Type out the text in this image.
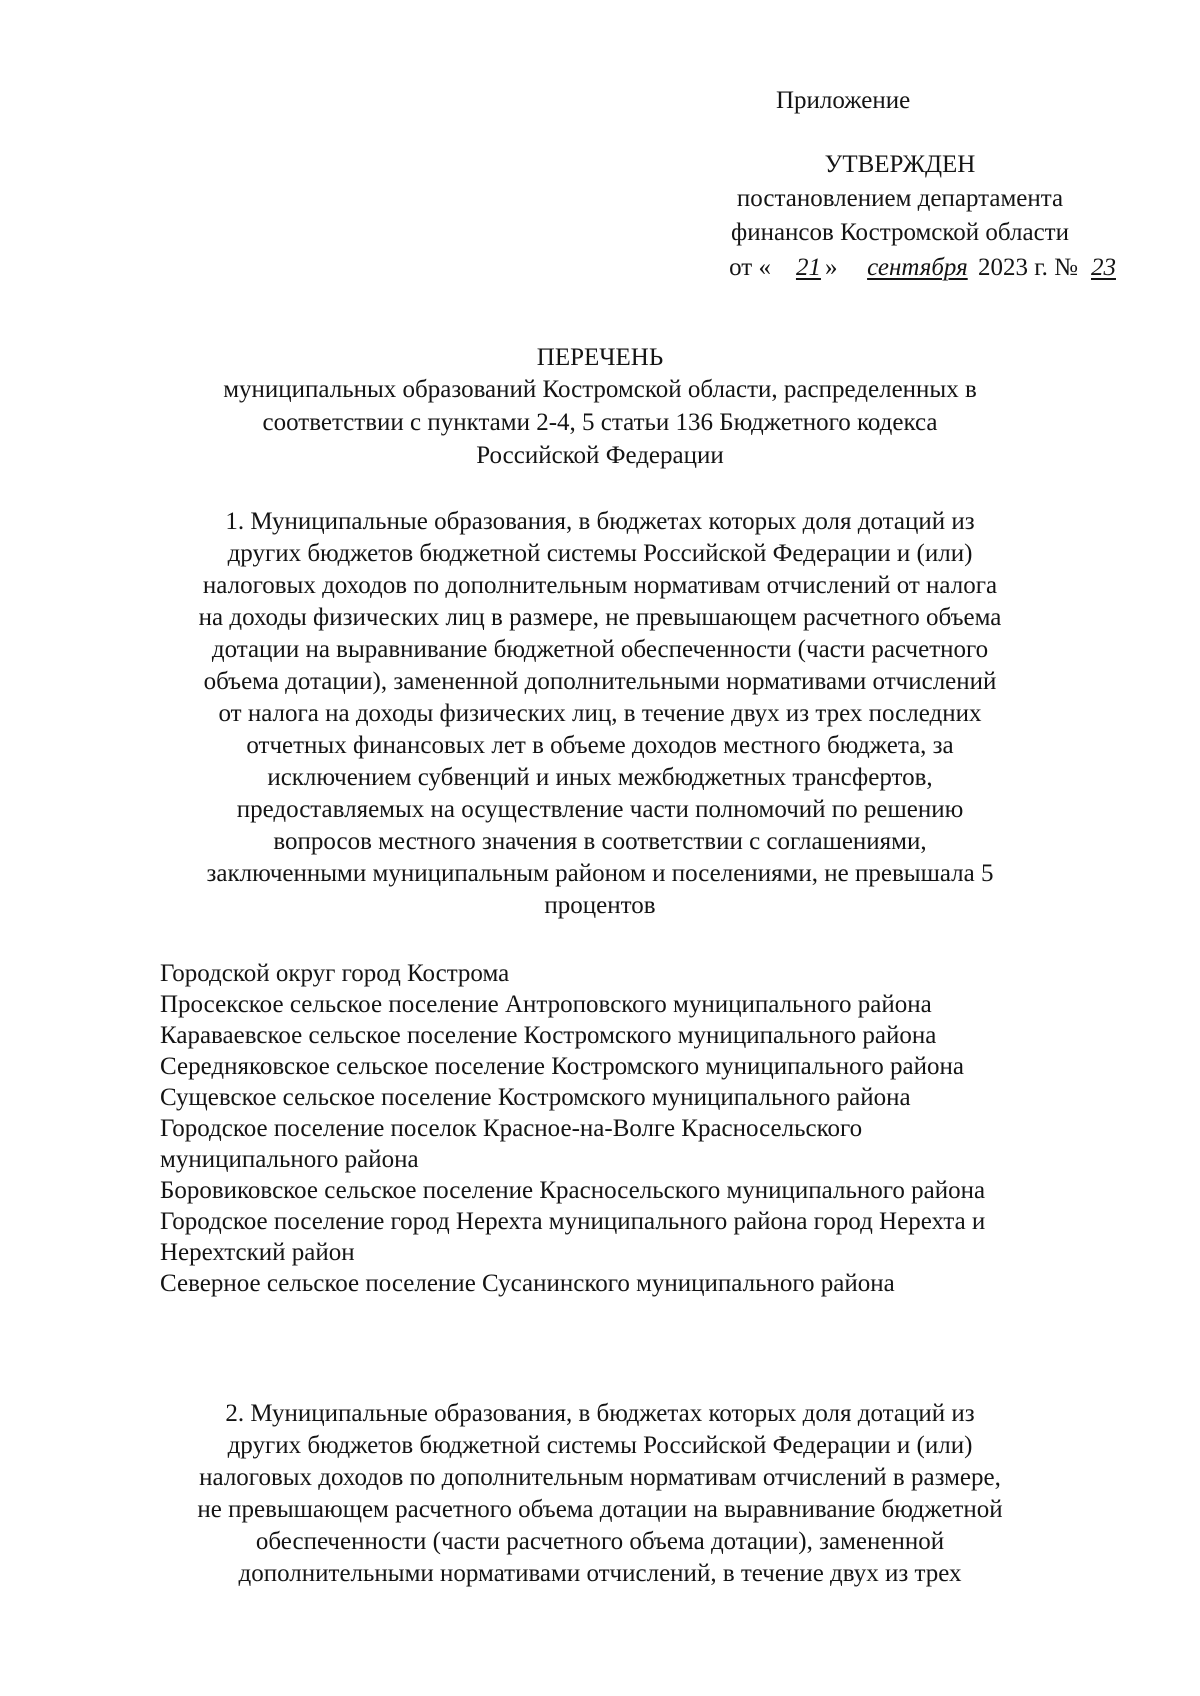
Приложение
УТВЕРЖДЕН
постановлением департамента
финансов Костромской области
от « 21 » сентября 2023 г. № 23
ПЕРЕЧЕНЬ
муниципальных образований Костромской области, распределенных в
соответствии с пунктами 2-4, 5 статьи 136 Бюджетного кодекса
Российской Федерации
1. Муниципальные образования, в бюджетах которых доля дотаций из
других бюджетов бюджетной системы Российской Федерации и (или)
налоговых доходов по дополнительным нормативам отчислений от налога
на доходы физических лиц в размере, не превышающем расчетного объема
дотации на выравнивание бюджетной обеспеченности (части расчетного
объема дотации), замененной дополнительными нормативами отчислений
от налога на доходы физических лиц, в течение двух из трех последних
отчетных финансовых лет в объеме доходов местного бюджета, за
исключением субвенций и иных межбюджетных трансфертов,
предоставляемых на осуществление части полномочий по решению
вопросов местного значения в соответствии с соглашениями,
заключенными муниципальным районом и поселениями, не превышала 5
процентов
Городской округ город Кострома
Просекское сельское поселение Антроповского муниципального района
Караваевское сельское поселение Костромского муниципального района
Середняковское сельское поселение Костромского муниципального района
Сущевское сельское поселение Костромского муниципального района
Городское поселение поселок Красное-на-Волге Красносельского муниципального района
Боровиковское сельское поселение Красносельского муниципального района
Городское поселение город Нерехта муниципального района город Нерехта и Нерехтский район
Северное сельское поселение Сусанинского муниципального района
2. Муниципальные образования, в бюджетах которых доля дотаций из
других бюджетов бюджетной системы Российской Федерации и (или)
налоговых доходов по дополнительным нормативам отчислений в размере,
не превышающем расчетного объема дотации на выравнивание бюджетной
обеспеченности (части расчетного объема дотации), замененной
дополнительными нормативами отчислений, в течение двух из трех
